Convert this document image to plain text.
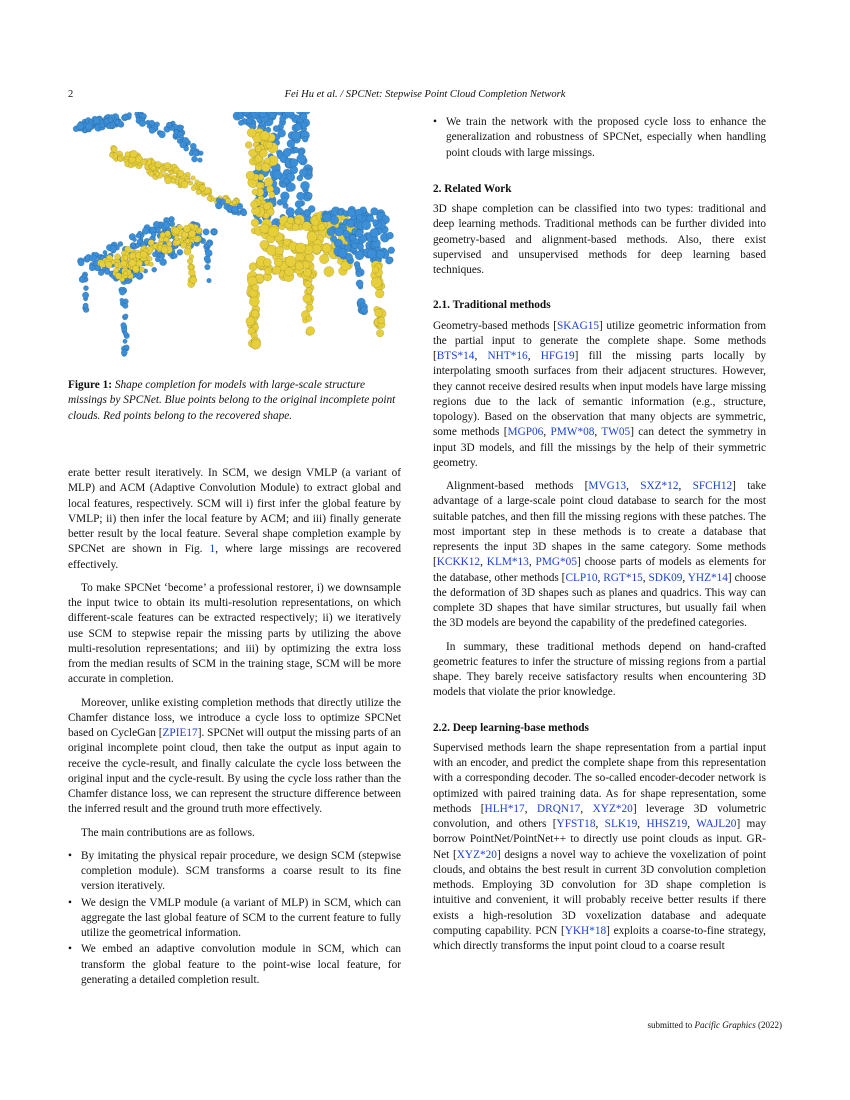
2	Fei Hu et al. / SPCNet: Stepwise Point Cloud Completion Network
Figure 1: Shape completion for models with large-scale structure missings by SPCNet. Blue points belong to the original incomplete point clouds. Red points belong to the recovered shape.

erate better result iteratively. In SCM, we design VMLP (a variant of MLP) and ACM (Adaptive Convolution Module) to extract global and local features, respectively. SCM will i) first infer the global feature by VMLP; ii) then infer the local feature by ACM; and iii) finally generate better result by the local feature. Several shape completion example by SPCNet are shown in Fig. 1, where large missings are recovered effectively.

To make SPCNet ‘become’ a professional restorer, i) we downsample the input twice to obtain its multi-resolution representations, on which different-scale features can be extracted respectively; ii) we iteratively use SCM to stepwise repair the missing parts by utilizing the above multi-resolution representations; and iii) by optimizing the extra loss from the median results of SCM in the training stage, SCM will be more accurate in completion.

Moreover, unlike existing completion methods that directly utilize the Chamfer distance loss, we introduce a cycle loss to optimize SPCNet based on CycleGan [ZPIE17]. SPCNet will output the missing parts of an original incomplete point cloud, then take the output as input again to receive the cycle-result, and finally calculate the cycle loss between the original input and the cycle-result. By using the cycle loss rather than the Chamfer distance loss, we can represent the structure difference between the inferred result and the ground truth more effectively.

The main contributions are as follows.

• By imitating the physical repair procedure, we design SCM (stepwise completion module). SCM transforms a coarse result to its fine version iteratively.
• We design the VMLP module (a variant of MLP) in SCM, which can aggregate the last global feature of SCM to the current feature to fully utilize the geometrical information.
• We embed an adaptive convolution module in SCM, which can transform the global feature to the point-wise local feature, for generating a detailed completion result.
• We train the network with the proposed cycle loss to enhance the generalization and robustness of SPCNet, especially when handling point clouds with large missings.
2. Related Work

3D shape completion can be classified into two types: traditional and deep learning methods. Traditional methods can be further divided into geometry-based and alignment-based methods. Also, there exist supervised and unsupervised methods for deep learning based techniques.

2.1. Traditional methods

Geometry-based methods [SKAG15] utilize geometric information from the partial input to generate the complete shape. Some methods [BTS*14, NHT*16, HFG19] fill the missing parts locally by interpolating smooth surfaces from their adjacent structures. However, they cannot receive desired results when input models have large missing regions due to the lack of semantic information (e.g., structure, topology). Based on the observation that many objects are symmetric, some methods [MGP06, PMW*08, TW05] can detect the symmetry in input 3D models, and fill the missings by the help of their symmetric geometry.

Alignment-based methods [MVG13, SXZ*12, SFCH12] take advantage of a large-scale point cloud database to search for the most suitable patches, and then fill the missing regions with these patches. The most important step in these methods is to create a database that represents the input 3D shapes in the same category. Some methods [KCKK12, KLM*13, PMG*05] choose parts of models as elements for the database, other methods [CLP10, RGT*15, SDK09, YHZ*14] choose the deformation of 3D shapes such as planes and quadrics. This way can complete 3D shapes that have similar structures, but usually fail when the 3D models are beyond the capability of the predefined categories.

In summary, these traditional methods depend on hand-crafted geometric features to infer the structure of missing regions from a partial shape. They barely receive satisfactory results when encountering 3D models that violate the prior knowledge.

2.2. Deep learning-base methods

Supervised methods learn the shape representation from a partial input with an encoder, and predict the complete shape from this representation with a corresponding decoder. The so-called encoder-decoder network is optimized with paired training data. As for shape representation, some methods [HLH*17, DRQN17, XYZ*20] leverage 3D volumetric convolution, and others [YFST18, SLK19, HHSZ19, WAJL20] may borrow PointNet/PointNet++ to directly use point clouds as input. GR-Net [XYZ*20] designs a novel way to achieve the voxelization of point clouds, and obtains the best result in current 3D convolution completion methods. Employing 3D convolution for 3D shape completion is intuitive and convenient, it will probably receive better results if there exists a high-resolution 3D voxelization database and adequate computing capability. PCN [YKH*18] exploits a coarse-to-fine strategy, which directly transforms the input point cloud to a coarse result

submitted to Pacific Graphics (2022)
